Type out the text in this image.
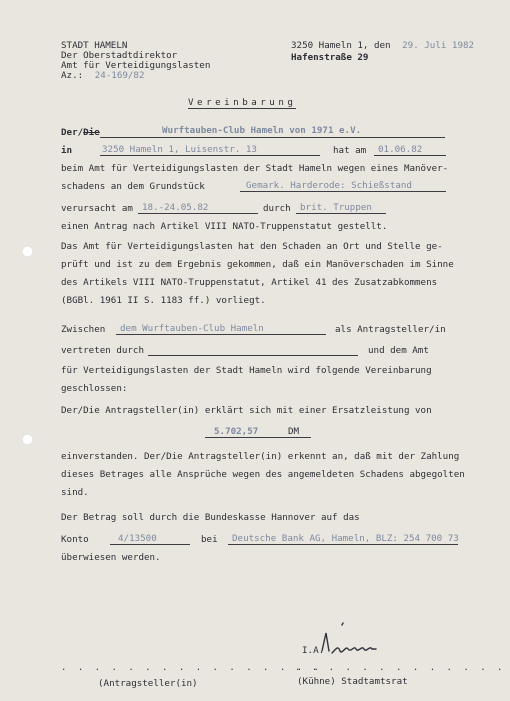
STADT HAMELN
Der Oberstadtdirektor
Amt für Verteidigungslasten
Az.: 24-169/82
3250 Hameln 1, den 29. Juli 1982
Hafenstraße 29
Vereinbarung
Der/Die	Wurftauben-Club Hameln von 1971 e.V.
in	3250 Hameln 1, Luisenstr. 13	hat am 01.06.82
beim Amt für Verteidigungslasten der Stadt Hameln wegen eines Manöver-
schadens an dem Grundstück	Gemark. Harderode: Schießstand
verursacht am 18.-24.05.82	durch brit. Truppen
einen Antrag nach Artikel VIII NATO-Truppenstatut gestellt.
Das Amt für Verteidigungslasten hat den Schaden an Ort und Stelle ge-
prüft und ist zu dem Ergebnis gekommen, daß ein Manöverschaden im Sinne
des Artikels VIII NATO-Truppenstatut, Artikel 41 des Zusatzabkommens
(BGBl. 1961 II S. 1183 ff.) vorliegt.
Zwischen dem Wurftauben-Club Hameln	als Antragsteller/in
vertreten durch	und dem Amt
für Verteidigungslasten der Stadt Hameln wird folgende Vereinbarung
geschlossen:
Der/Die Antragsteller(in) erklärt sich mit einer Ersatzleistung von
5.702,57	DM
einverstanden. Der/Die Antragsteller(in) erkennt an, daß mit der Zahlung
dieses Betrages alle Ansprüche wegen des angemeldeten Schadens abgegolten
sind.
Der Betrag soll durch die Bundeskasse Hannover auf das
Konto	4/13500	bei Deutsche Bank AG, Hameln, BLZ: 254 700 73
überwiesen werden.
I.A.
. . . . . . . . . . . . . . . .
. . . . . . . . . . . . .
(Antragsteller(in)	(Kühne) Stadtamtsrat
